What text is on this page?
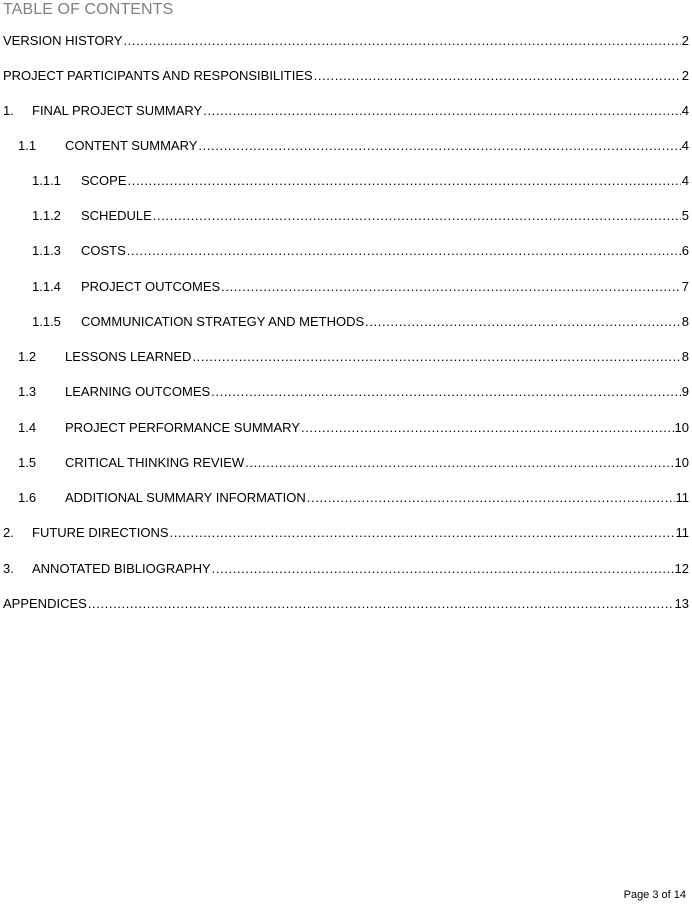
TABLE OF CONTENTS
VERSION HISTORY .....	2
PROJECT PARTICIPANTS AND RESPONSIBILITIES .....	2
1.	FINAL PROJECT SUMMARY .....	4
1.1	CONTENT SUMMARY .....	4
1.1.1	SCOPE .....	4
1.1.2	SCHEDULE .....	5
1.1.3	COSTS .....	6
1.1.4	PROJECT OUTCOMES .....	7
1.1.5	COMMUNICATION STRATEGY AND METHODS .....	8
1.2	LESSONS LEARNED .....	8
1.3	LEARNING OUTCOMES .....	9
1.4	PROJECT PERFORMANCE SUMMARY .....	10
1.5	CRITICAL THINKING REVIEW .....	10
1.6	ADDITIONAL SUMMARY INFORMATION .....	11
2.	FUTURE DIRECTIONS .....	11
3.	ANNOTATED BIBLIOGRAPHY .....	12
APPENDICES .....	13
Page 3 of 14
